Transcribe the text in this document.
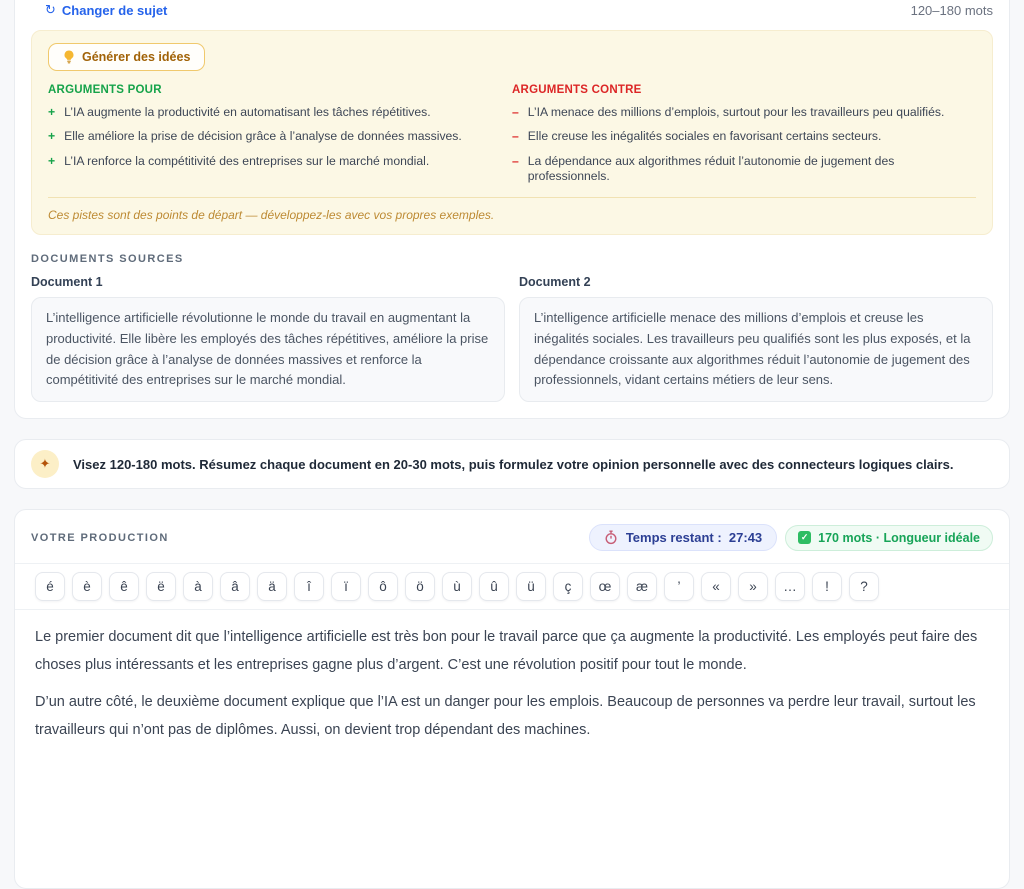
↻ Changer de sujet	120–180 mots
Générer des idées
ARGUMENTS POUR
+ L’IA augmente la productivité en automatisant les tâches répétitives.
+ Elle améliore la prise de décision grâce à l’analyse de données massives.
+ L’IA renforce la compétitivité des entreprises sur le marché mondial.
ARGUMENTS CONTRE
– L’IA menace des millions d’emplois, surtout pour les travailleurs peu qualifiés.
– Elle creuse les inégalités sociales en favorisant certains secteurs.
– La dépendance aux algorithmes réduit l’autonomie de jugement des professionnels.
Ces pistes sont des points de départ — développez-les avec vos propres exemples.
DOCUMENTS SOURCES
Document 1
L’intelligence artificielle révolutionne le monde du travail en augmentant la productivité. Elle libère les employés des tâches répétitives, améliore la prise de décision grâce à l’analyse de données massives et renforce la compétitivité des entreprises sur le marché mondial.
Document 2
L’intelligence artificielle menace des millions d’emplois et creuse les inégalités sociales. Les travailleurs peu qualifiés sont les plus exposés, et la dépendance croissante aux algorithmes réduit l’autonomie de jugement des professionnels, vidant certains métiers de leur sens.
✦	Visez 120-180 mots. Résumez chaque document en 20-30 mots, puis formulez votre opinion personnelle avec des connecteurs logiques clairs.
VOTRE PRODUCTION	Temps restant : 27:43	✓ 170 mots · Longueur idéale
é	è	ê	ë	à	â	ä	î	ï	ô	ö	ù	û	ü	ç	œ	æ	’	«	»	…	!	?

Le premier document dit que l’intelligence artificielle est très bon pour le travail parce que ça augmente la productivité. Les employés peut faire des choses plus intéressants et les entreprises gagne plus d’argent. C’est une révolution positif pour tout le monde.

D’un autre côté, le deuxième document explique que l’IA est un danger pour les emplois. Beaucoup de personnes va perdre leur travail, surtout les travailleurs qui n’ont pas de diplômes. Aussi, on devient trop dépendant des machines.
